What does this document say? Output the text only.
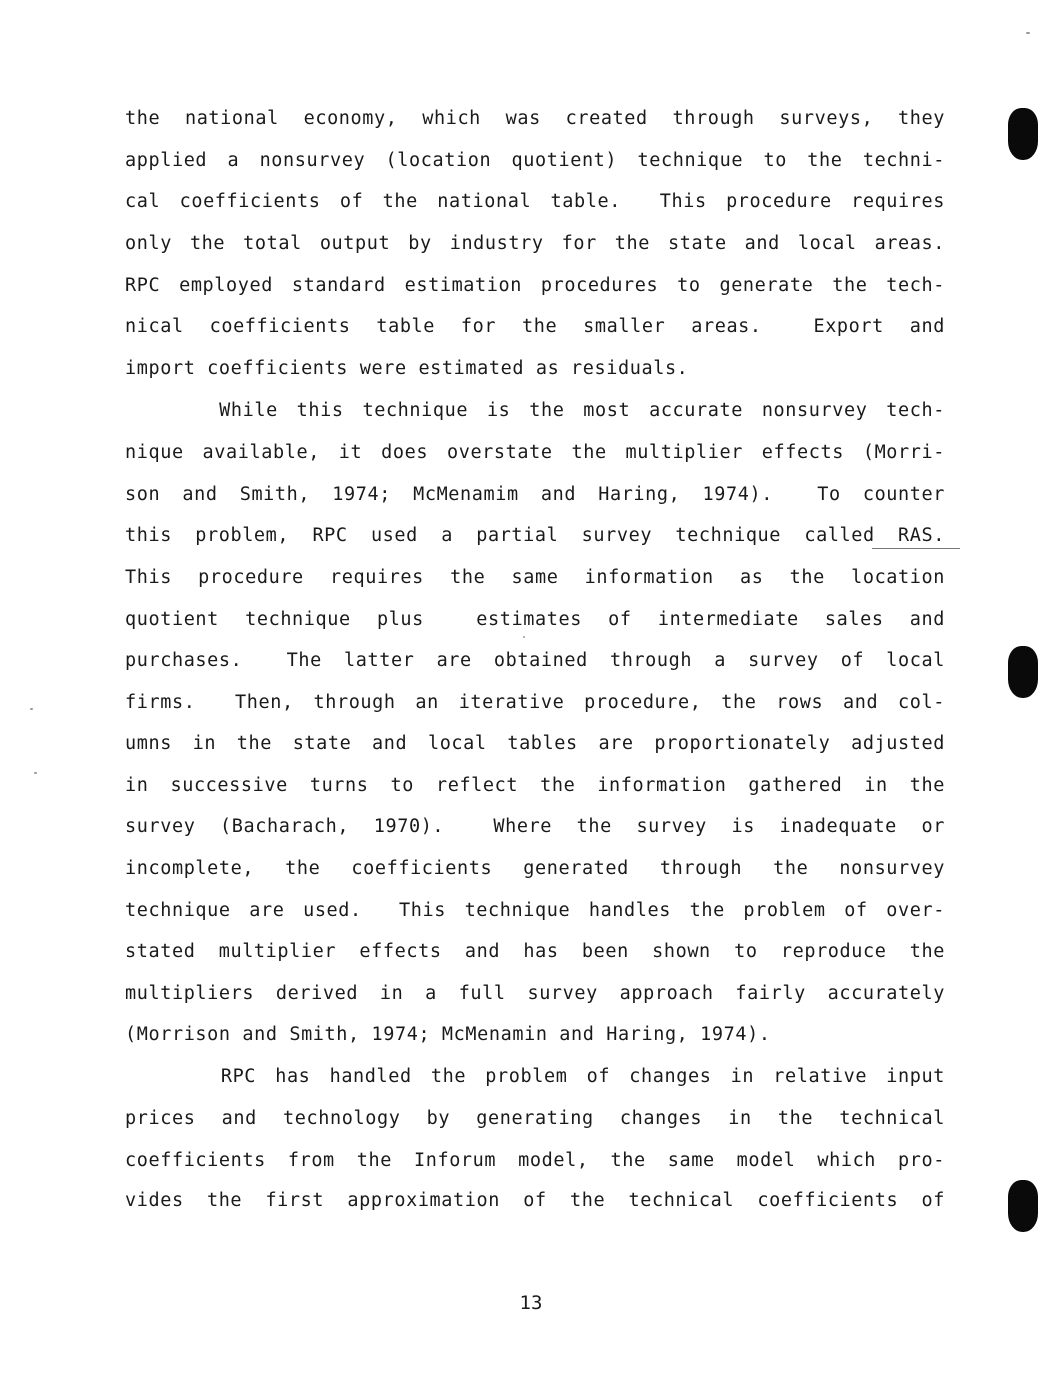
the national economy, which was created through surveys, they
applied a nonsurvey (location quotient) technique to the techni-
cal coefficients of the national table.  This procedure requires
only the total output by industry for the state and local areas.
RPC employed standard estimation procedures to generate the tech-
nical coefficients table for the smaller areas.  Export and
import coefficients were estimated as residuals.
While this technique is the most accurate nonsurvey tech-
nique available, it does overstate the multiplier effects (Morri-
son and Smith, 1974; McMenamim and Haring, 1974).  To counter
this problem, RPC used a partial survey technique called RAS.
This procedure requires the same information as the location
quotient technique plus  estimates of intermediate sales and
purchases.  The latter are obtained through a survey of local
firms.  Then, through an iterative procedure, the rows and col-
umns in the state and local tables are proportionately adjusted
in successive turns to reflect the information gathered in the
survey (Bacharach, 1970).  Where the survey is inadequate or
incomplete, the coefficients generated through the nonsurvey
technique are used.  This technique handles the problem of over-
stated multiplier effects and has been shown to reproduce the
multipliers derived in a full survey approach fairly accurately
(Morrison and Smith, 1974; McMenamin and Haring, 1974).
RPC has handled the problem of changes in relative input
prices and technology by generating changes in the technical
coefficients from the Inforum model, the same model which pro-
vides the first approximation of the technical coefficients of
13
